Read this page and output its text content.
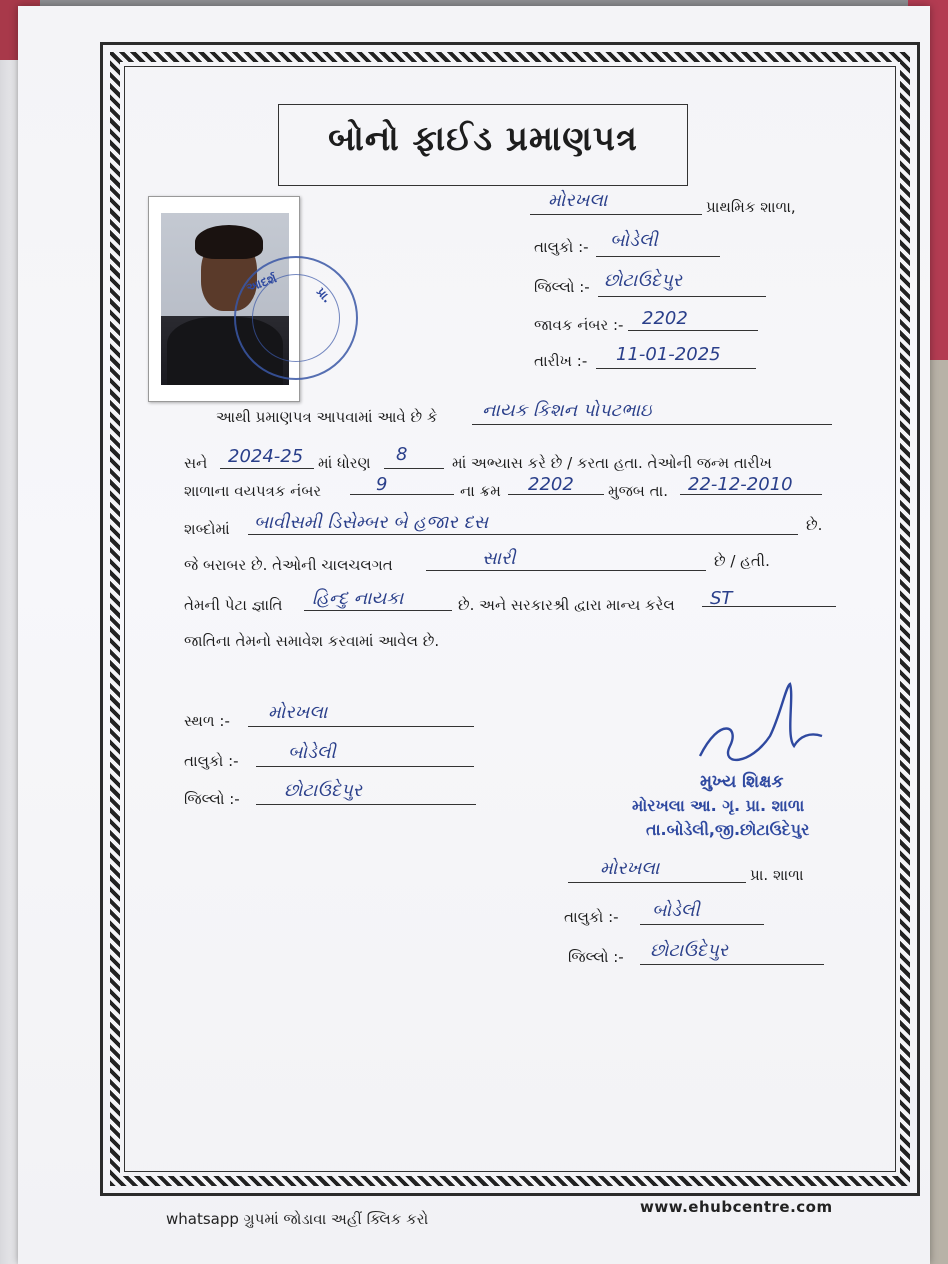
બોનો ફાઈડ પ્રમાણપત્ર
આદર્શ
પ્રા.
મોરખલા	પ્રાથમિક શાળા,
તાલુકો :- બોડેલી
જિલ્લો :- છોટાઉદેપુર
જાવક નંબર :- 2202
તારીખ :- 11-01-2025
આથી પ્રમાણપત્ર આપવામાં આવે છે કે નાયક કિશન પોપટભાઇ
સને 2024-25 માં ધોરણ 8	માં અભ્યાસ કરે છે / કરતા હતા. તેઓની જન્મ તારીખ
શાળાના વયપત્રક નંબર	9	ના ક્રમ 2202 મુજબ તા. 22-12-2010
શબ્દોમાં બાવીસમી ડિસેમ્બર બે હજાર દસ	છે.
જે બરાબર છે. તેઓની ચાલચલગત	સારી	છે / હતી.
તેમની પેટા જ્ઞાતિ હિન્દુ નાયકા	છે. અને સરકારશ્રી દ્વારા માન્ય કરેલ ST
જાતિના તેમનો સમાવેશ કરવામાં આવેલ છે.
સ્થળ :- મોરખલા
તાલુકો :-	બોડેલી
જિલ્લો :- છોટાઉદેપુર	મુખ્ય શિક્ષક
મોરખલા આ. ગૃ. પ્રા. શાળા
તા.બોડેલી,જી.છોટાઉદેપુર
મોરખલા	પ્રા. શાળા
તાલુકો :- બોડેલી
જિલ્લો :- છોટાઉદેપુર
whatsapp ગ્રુપમાં જોડાવા અહીં ક્લિક કરો
www.ehubcentre.com
